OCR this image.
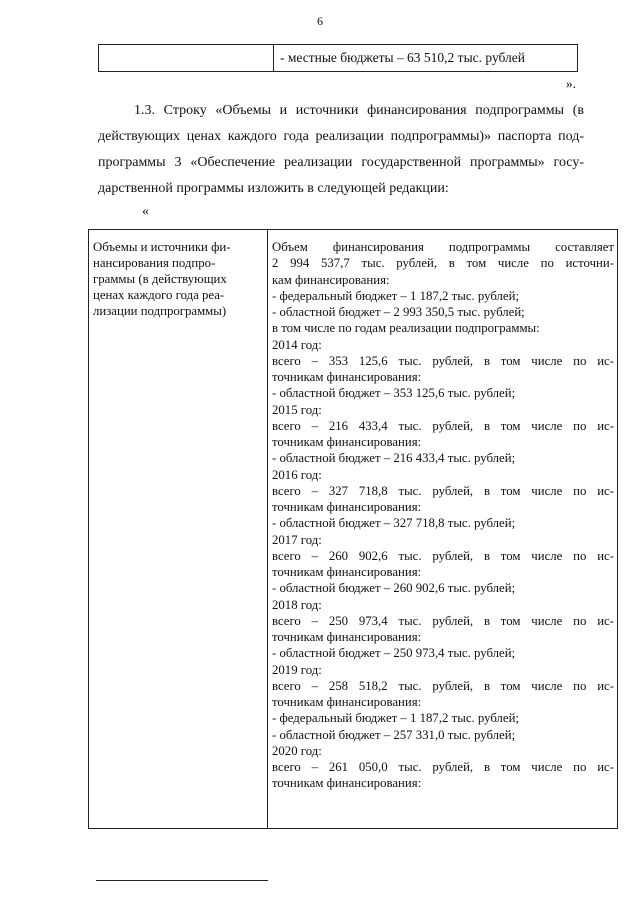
6
- местные бюджеты – 63 510,2 тыс. рублей
».
1.3. Строку «Объемы и источники финансирования подпрограммы (в
действующих ценах каждого года реализации подпрограммы)» паспорта под-
программы 3 «Обеспечение реализации государственной программы» госу-
дарственной программы изложить в следующей редакции:
«
Объемы и источники фи-
нансирования подпро-
граммы (в действующих
ценах каждого года реа-
лизации подпрограммы)
Объем финансирования подпрограммы составляет
2 994 537,7 тыс. рублей, в том числе по источни-
кам финансирования:
- федеральный бюджет – 1 187,2 тыс. рублей;
- областной бюджет – 2 993 350,5 тыс. рублей;
в том числе по годам реализации подпрограммы:
2014 год:
всего – 353 125,6 тыс. рублей, в том числе по ис-
точникам финансирования:
- областной бюджет – 353 125,6 тыс. рублей;
2015 год:
всего – 216 433,4 тыс. рублей, в том числе по ис-
точникам финансирования:
- областной бюджет – 216 433,4 тыс. рублей;
2016 год:
всего – 327 718,8 тыс. рублей, в том числе по ис-
точникам финансирования:
- областной бюджет – 327 718,8 тыс. рублей;
2017 год:
всего – 260 902,6 тыс. рублей, в том числе по ис-
точникам финансирования:
- областной бюджет – 260 902,6 тыс. рублей;
2018 год:
всего – 250 973,4 тыс. рублей, в том числе по ис-
точникам финансирования:
- областной бюджет – 250 973,4 тыс. рублей;
2019 год:
всего – 258 518,2 тыс. рублей, в том числе по ис-
точникам финансирования:
- федеральный бюджет – 1 187,2 тыс. рублей;
- областной бюджет – 257 331,0 тыс. рублей;
2020 год:
всего – 261 050,0 тыс. рублей, в том числе по ис-
точникам финансирования:
